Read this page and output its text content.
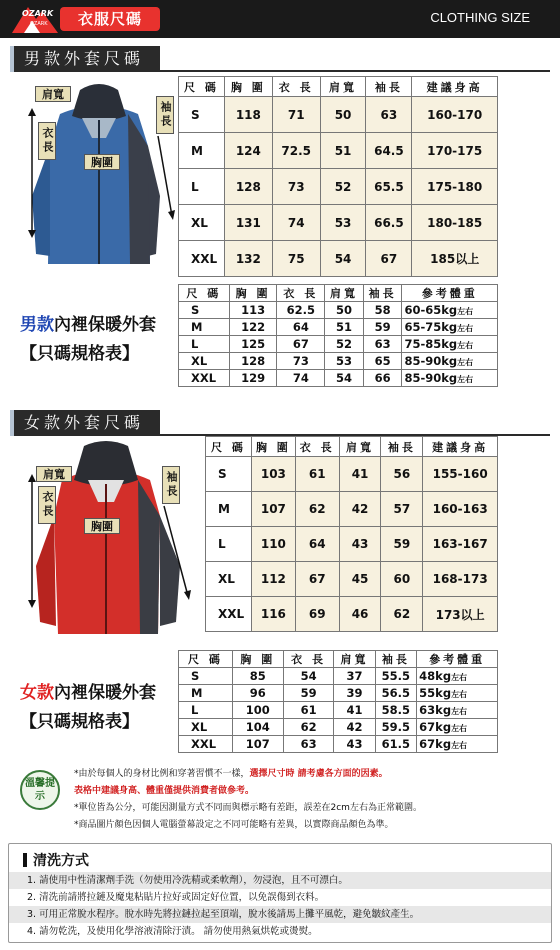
OZARK
OZARK	衣服尺碼	CLOTHING SIZE
男款外套尺碼
肩寬
衣長
胸圍
袖長
尺 碼	胸 圍	衣 長	肩寬	袖長	建議身高
S	118	71	50	63	160-170
M	124	72.5	51	64.5	170-175
L	128	73	52	65.5	175-180
XL	131	74	53	66.5	180-185
XXL	132	75	54	67	185以上
男款內裡保暖外套
【只碼規格表】
尺 碼	胸 圍	衣 長	肩寬	袖長	參考體重
S	113	62.5	50	58	60-65kg左右
M	122	64	51	59	65-75kg左右
L	125	67	52	63	75-85kg左右
XL	128	73	53	65	85-90kg左右
XXL	129	74	54	66	85-90kg左右
女款外套尺碼
肩寬
衣長
胸圍
袖長
尺 碼	胸 圍	衣 長	肩寬	袖長	建議身高
S	103	61	41	56	155-160
M	107	62	42	57	160-163
L	110	64	43	59	163-167
XL	112	67	45	60	168-173
XXL	116	69	46	62	173以上
女款內裡保暖外套
【只碼規格表】
尺 碼	胸 圍	衣 長	肩寬	袖長	參考體重
S	85	54	37	55.5	48kg左右
M	96	59	39	56.5	55kg左右
L	100	61	41	58.5	63kg左右
XL	104	62	42	59.5	67kg左右
XXL	107	63	43	61.5	67kg左右
溫馨提示
*由於每個人的身材比例和穿著習慣不一樣，選擇尺寸時 請考慮各方面的因素。
表格中建議身高、體重僅提供消費者做參考。
*單位皆為公分，可能因測量方式不同而與標示略有差距，誤差在2cm左右為正常範圍。
*商品圖片顏色因個人電腦螢幕設定之不同可能略有差異，以實際商品顏色為準。
清洗方式
1. 請使用中性清潔劑手洗（勿使用冷洗精或柔軟劑），勿浸泡，且不可漂白。
2. 清洗前請將拉鏈及魔鬼粘貼片拉好或固定好位置，以免誤傷到衣料。
3. 可用正常脫水程序。脫水時先將拉鏈拉起至頂端，脫水後請馬上攤平風乾，避免皺紋產生。
4. 請勿乾洗，及使用化學溶液清除汙漬。 請勿使用熱氣烘乾或燙熨。
